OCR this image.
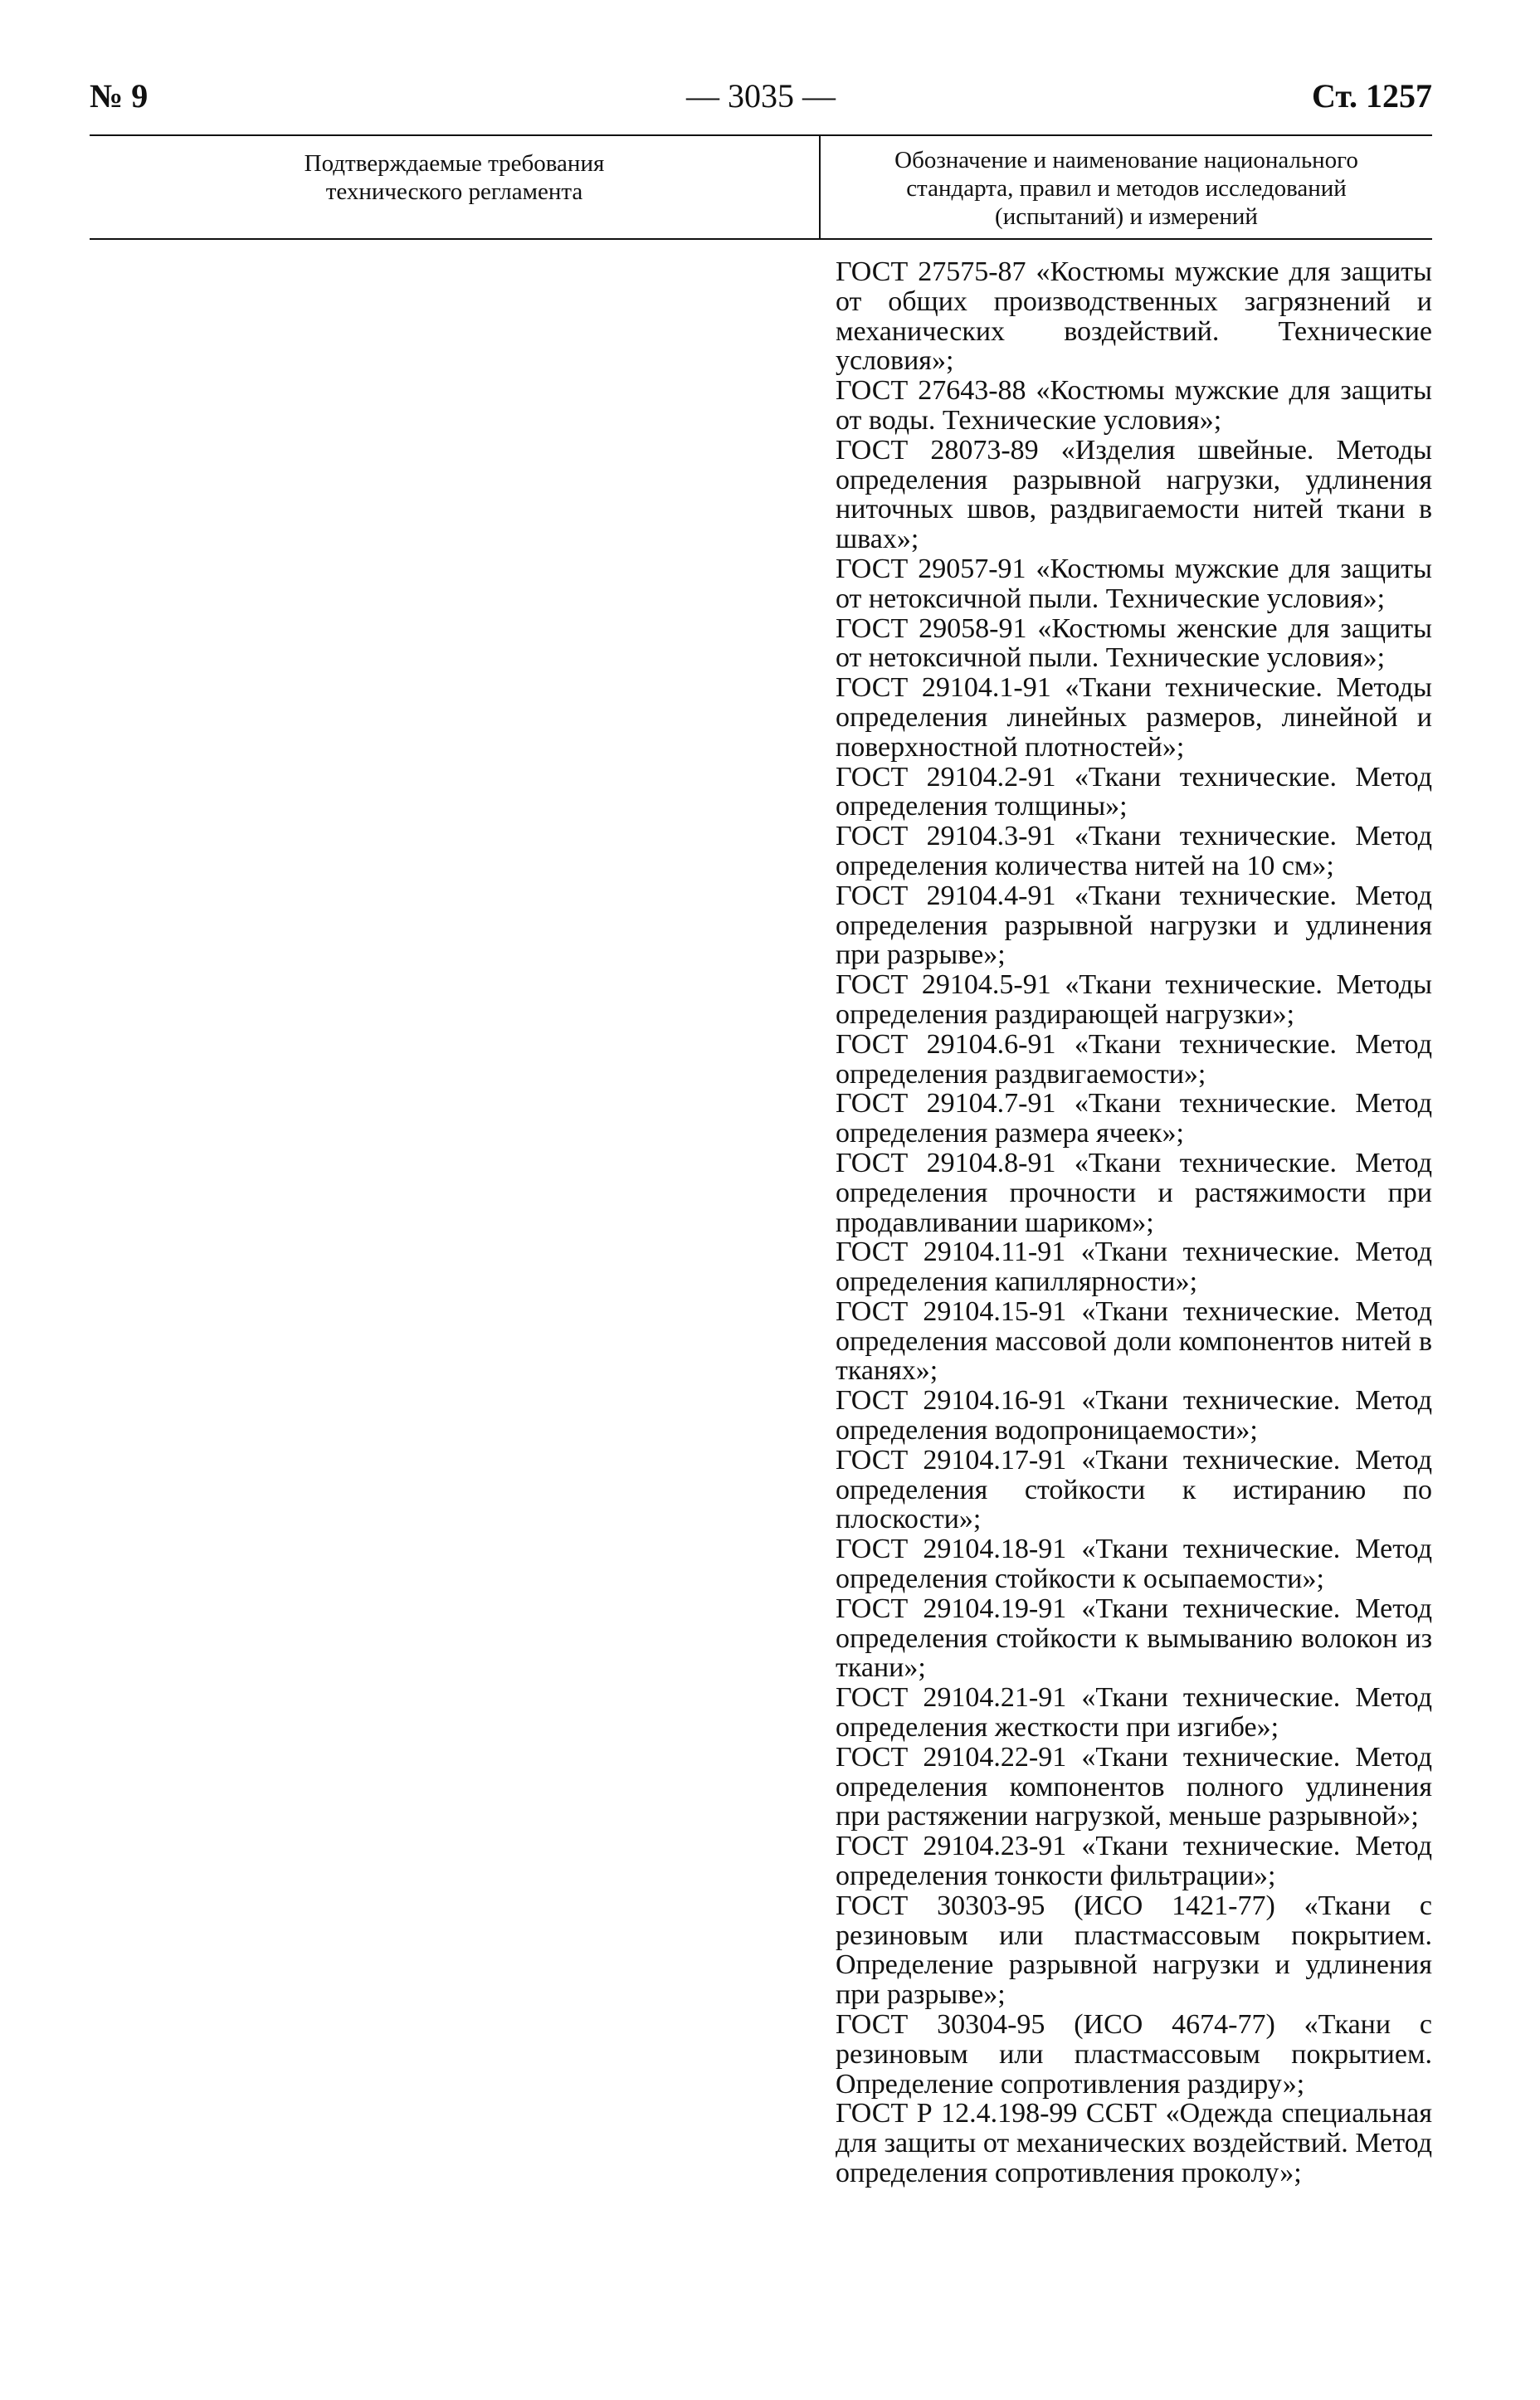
№ 9	— 3035 —	Ст. 1257
Подтверждаемые требования
технического регламента
Обозначение и наименование национального
стандарта, правил и методов исследований
(испытаний) и измерений

ГОСТ 27575-87 «Костюмы мужские для защиты от общих производственных загрязнений и механических воздействий. Технические условия»;

ГОСТ 27643-88 «Костюмы мужские для защиты от воды. Технические условия»;

ГОСТ 28073-89 «Изделия швейные. Методы определения разрывной нагрузки, удлинения ниточных швов, раздвигаемости нитей ткани в швах»;

ГОСТ 29057-91 «Костюмы мужские для защиты от нетоксичной пыли. Технические условия»;

ГОСТ 29058-91 «Костюмы женские для защиты от нетоксичной пыли. Технические условия»;

ГОСТ 29104.1-91 «Ткани технические. Методы определения линейных размеров, линейной и поверхностной плотностей»;

ГОСТ 29104.2-91 «Ткани технические. Метод определения толщины»;

ГОСТ 29104.3-91 «Ткани технические. Метод определения количества нитей на 10 см»;

ГОСТ 29104.4-91 «Ткани технические. Метод определения разрывной нагрузки и удлинения при разрыве»;

ГОСТ 29104.5-91 «Ткани технические. Методы определения раздирающей нагрузки»;

ГОСТ 29104.6-91 «Ткани технические. Метод определения раздвигаемости»;

ГОСТ 29104.7-91 «Ткани технические. Метод определения размера ячеек»;

ГОСТ 29104.8-91 «Ткани технические. Метод определения прочности и растяжимости при продавливании шариком»;

ГОСТ 29104.11-91 «Ткани технические. Метод определения капиллярности»;

ГОСТ 29104.15-91 «Ткани технические. Метод определения массовой доли компонентов нитей в тканях»;

ГОСТ 29104.16-91 «Ткани технические. Метод определения водопроницаемости»;

ГОСТ 29104.17-91 «Ткани технические. Метод определения стойкости к истиранию по плоскости»;

ГОСТ 29104.18-91 «Ткани технические. Метод определения стойкости к осыпаемости»;

ГОСТ 29104.19-91 «Ткани технические. Метод определения стойкости к вымыванию волокон из ткани»;

ГОСТ 29104.21-91 «Ткани технические. Метод определения жесткости при изгибе»;

ГОСТ 29104.22-91 «Ткани технические. Метод определения компонентов полного удлинения при растяжении нагрузкой, меньше разрывной»;

ГОСТ 29104.23-91 «Ткани технические. Метод определения тонкости фильтрации»;

ГОСТ 30303-95 (ИСО 1421-77) «Ткани с резиновым или пластмассовым покрытием. Определение разрывной нагрузки и удлинения при разрыве»;

ГОСТ 30304-95 (ИСО 4674-77) «Ткани с резиновым или пластмассовым покрытием. Определение сопротивления раздиру»;

ГОСТ Р 12.4.198-99 ССБТ «Одежда специальная для защиты от механических воздействий. Метод определения сопротивления проколу»;
